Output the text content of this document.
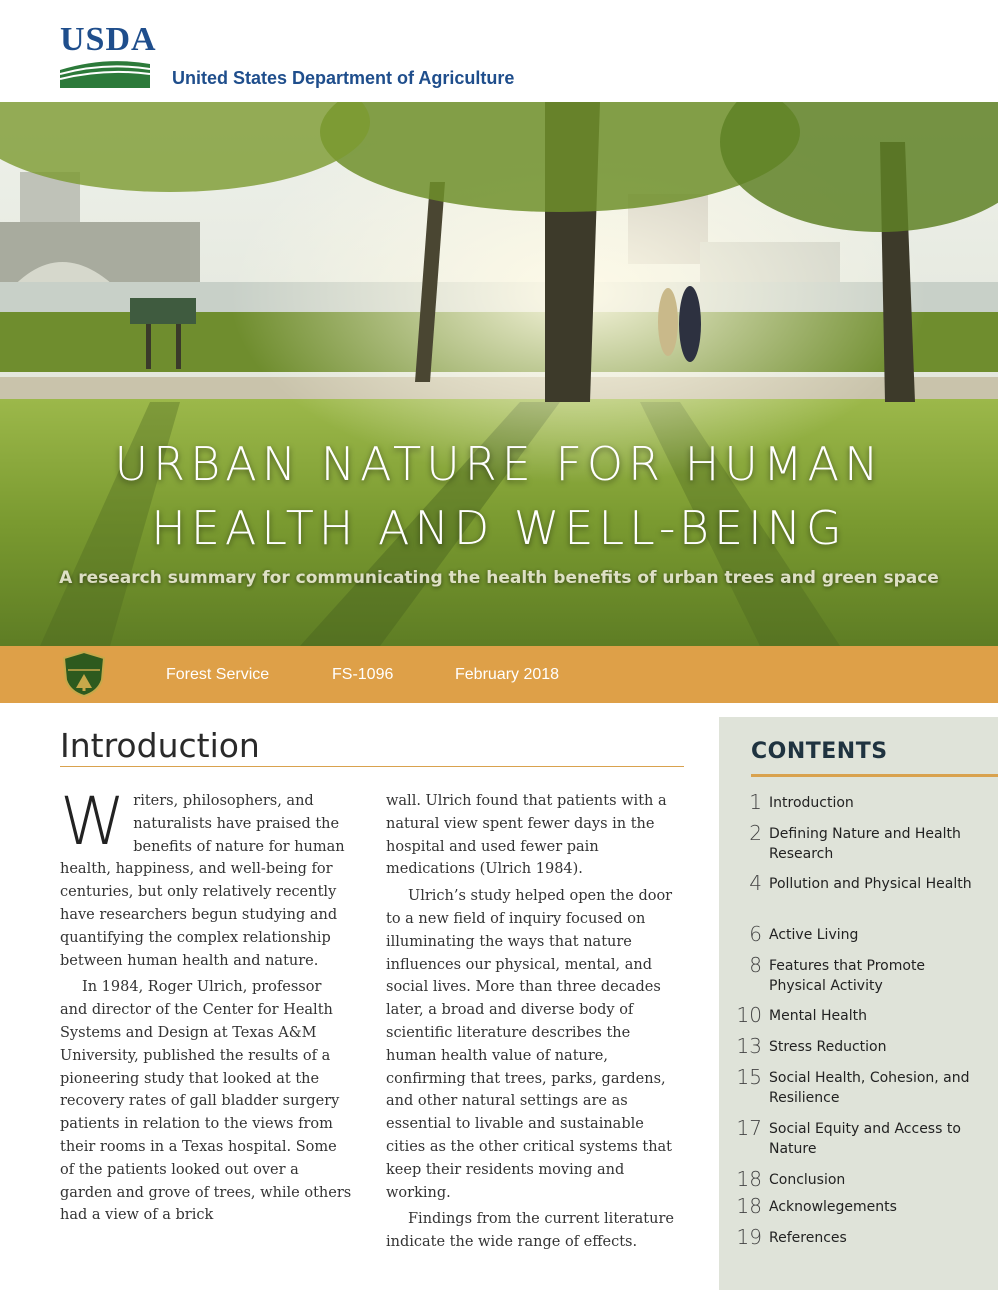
USDA
United States Department of Agriculture
URBAN NATURE FOR HUMAN
HEALTH AND WELL-BEING
A research summary for communicating the health benefits of urban trees and green space
Forest Service	FS-1096	February 2018
Introduction

Writers, philosophers, and naturalists have praised the benefits of nature for human health, happiness, and well-being for centuries, but only relatively recently have researchers begun studying and quantifying the complex relationship between human health and nature.

In 1984, Roger Ulrich, professor and director of the Center for Health Systems and Design at Texas A&M University, published the results of a pioneering study that looked at the recovery rates of gall bladder surgery patients in relation to the views from their rooms in a Texas hospital. Some of the patients looked out over a garden and grove of trees, while others had a view of a brick

wall. Ulrich found that patients with a natural view spent fewer days in the hospital and used fewer pain medications (Ulrich 1984).

Ulrich’s study helped open the door to a new field of inquiry focused on illuminating the ways that nature influences our physical, mental, and social lives. More than three decades later, a broad and diverse body of scientific literature describes the human health value of nature, confirming that trees, parks, gardens, and other natural settings are as essential to livable and sustainable cities as the other critical systems that keep their residents moving and working.

Findings from the current literature indicate the wide range of effects.

CONTENTS
1 Introduction
2 Defining Nature and Health Research
4 Pollution and Physical Health
6 Active Living
8 Features that Promote Physical Activity
10 Mental Health
13 Stress Reduction
15 Social Health, Cohesion, and Resilience
17 Social Equity and Access to Nature
18 Conclusion
18 Acknowlegements
19 References
